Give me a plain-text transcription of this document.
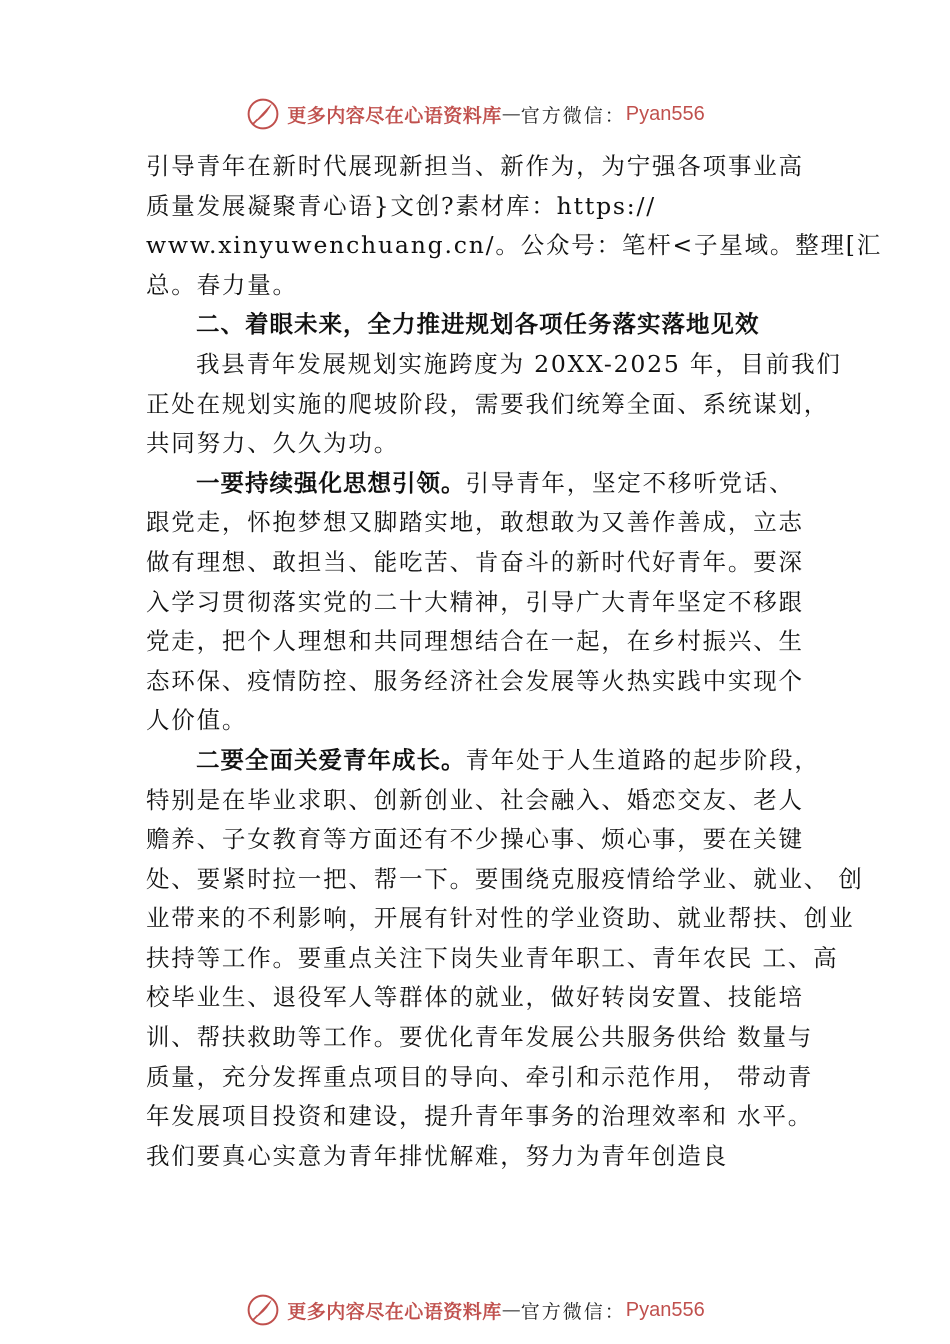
更多内容尽在心语资料库 — 官方微信： Pyan556
引导青年在新时代展现新担当、新作为，为宁强各项事业高
质量发展凝聚青心语}文创?素材库：https://
www.xinyuwenchuang.cn/。公众号：笔杆<子星域。整理[汇
总。春力量。
二、着眼未来，全力推进规划各项任务落实落地见效
我县青年发展规划实施跨度为 20XX-2025 年，目前我们
正处在规划实施的爬坡阶段，需要我们统筹全面、系统谋划，
共同努力、久久为功。
一要持续强化思想引领。引导青年，坚定不移听党话、
跟党走，怀抱梦想又脚踏实地，敢想敢为又善作善成，立志
做有理想、敢担当、能吃苦、肯奋斗的新时代好青年。要深
入学习贯彻落实党的二十大精神，引导广大青年坚定不移跟
党走，把个人理想和共同理想结合在一起，在乡村振兴、生
态环保、疫情防控、服务经济社会发展等火热实践中实现个
人价值。
二要全面关爱青年成长。青年处于人生道路的起步阶段，
特别是在毕业求职、创新创业、社会融入、婚恋交友、老人
赡养、子女教育等方面还有不少操心事、烦心事，要在关键
处、要紧时拉一把、帮一下。要围绕克服疫情给学业、就业、 创
业带来的不利影响，开展有针对性的学业资助、就业帮扶、创业
扶持等工作。要重点关注下岗失业青年职工、青年农民 工、高
校毕业生、退役军人等群体的就业，做好转岗安置、技能培
训、帮扶救助等工作。要优化青年发展公共服务供给 数量与
质量，充分发挥重点项目的导向、牵引和示范作用， 带动青
年发展项目投资和建设，提升青年事务的治理效率和 水平。
我们要真心实意为青年排忧解难，努力为青年创造良
更多内容尽在心语资料库 — 官方微信： Pyan556
